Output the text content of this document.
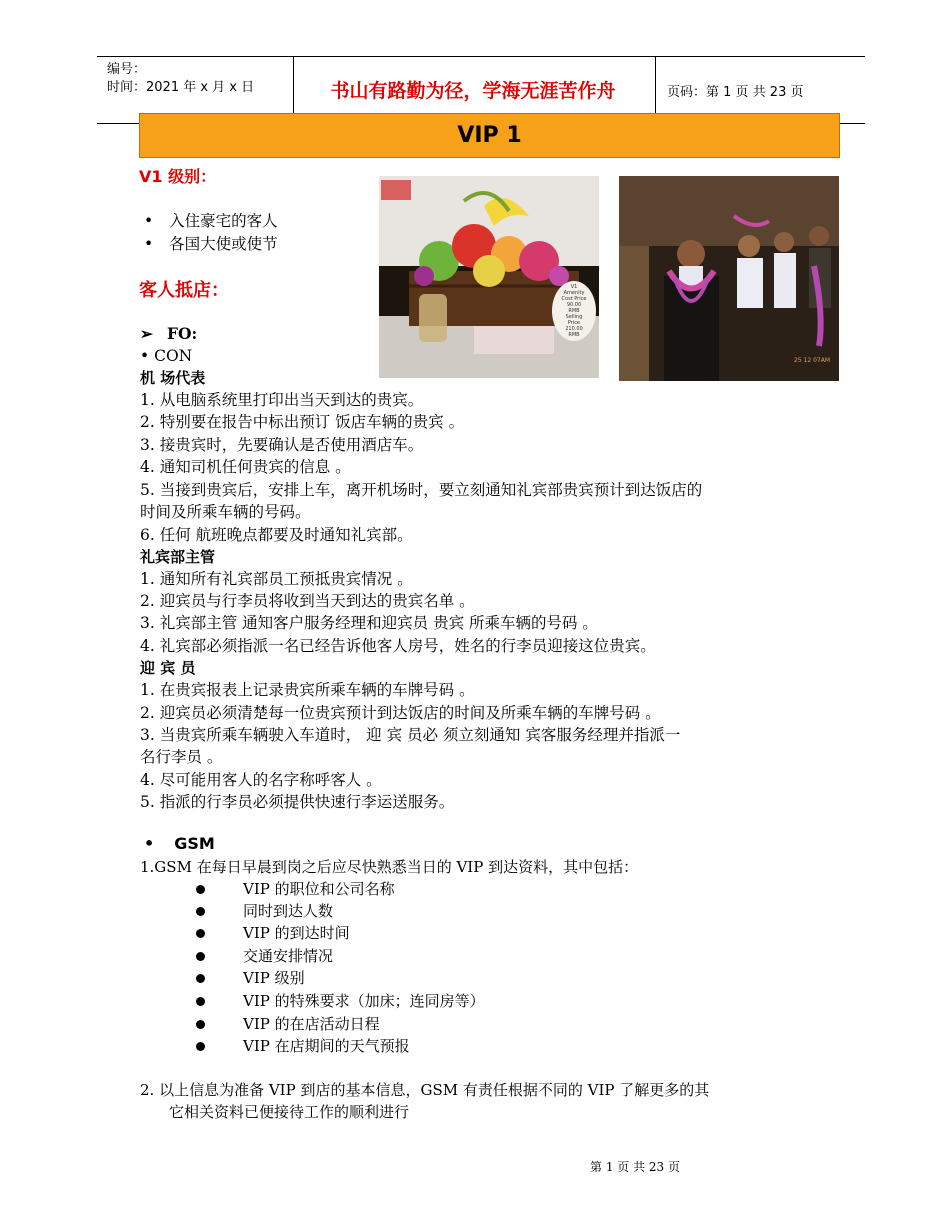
编号：
时间：2021 年 x 月 x 日	书山有路勤为径，学海无涯苦作舟	页码：第 1 页 共 23 页
VIP 1
V1 级别：
• 入住豪宅的客人
• 各国大使或使节
客人抵店：
➢ FO:
• CON
机 场代表
1. 从电脑系统里打印出当天到达的贵宾。
2. 特别要在报告中标出预订 饭店车辆的贵宾 。
3. 接贵宾时，先要确认是否使用酒店车。
4. 通知司机任何贵宾的信息 。
5. 当接到贵宾后，安排上车，离开机场时，要立刻通知礼宾部贵宾预计到达饭店的
时间及所乘车辆的号码。
6. 任何 航班晚点都要及时通知礼宾部。
礼宾部主管
1. 通知所有礼宾部员工预抵贵宾情况 。
2. 迎宾员与行李员将收到当天到达的贵宾名单 。
3. 礼宾部主管 通知客户服务经理和迎宾员 贵宾 所乘车辆的号码 。
4. 礼宾部必须指派一名已经告诉他客人房号，姓名的行李员迎接这位贵宾。
迎 宾 员
1. 在贵宾报表上记录贵宾所乘车辆的车牌号码 。
2. 迎宾员必须清楚每一位贵宾预计到达饭店的时间及所乘车辆的车牌号码 。
3. 当贵宾所乘车辆驶入车道时， 迎 宾 员必 须立刻通知 宾客服务经理并指派一
名行李员 。
4. 尽可能用客人的名字称呼客人 。
5. 指派的行李员必须提供快速行李运送服务。
• GSM
1.GSM 在每日早晨到岗之后应尽快熟悉当日的 VIP 到达资料，其中包括：
VIP 的职位和公司名称
同时到达人数
VIP 的到达时间
交通安排情况
VIP 级别
VIP 的特殊要求（加床；连同房等）
VIP 的在店活动日程
VIP 在店期间的天气预报
2. 以上信息为准备 VIP 到店的基本信息，GSM 有责任根据不同的 VIP 了解更多的其
它相关资料已便接待工作的顺利进行
V1
Amenity
Cost Price
90.00
RMB
Selling
Price
210.00
RMB
25 12 07AM
第 1 页 共 23 页
